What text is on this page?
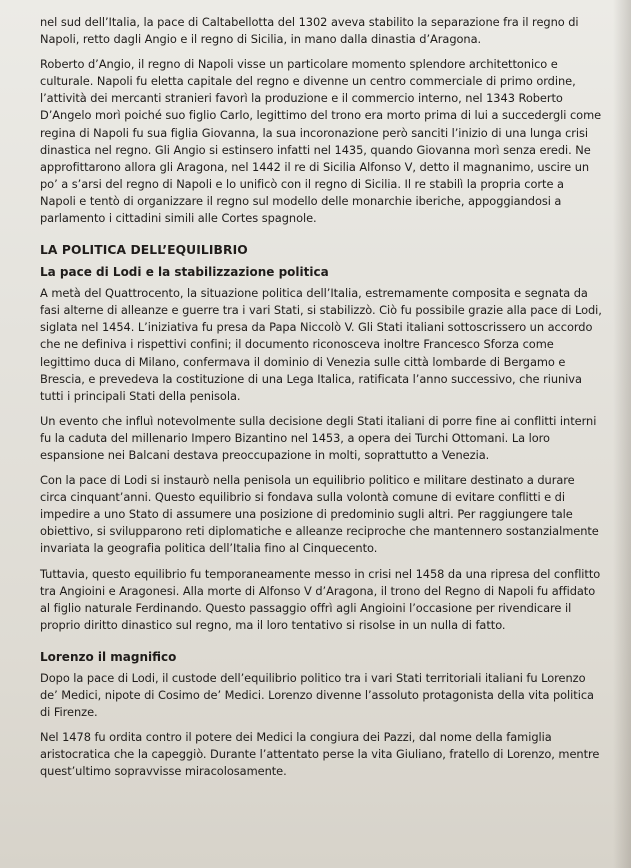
nel sud dell’Italia, la pace di Caltabellotta del 1302 aveva stabilito la separazione fra il regno di Napoli, retto dagli Angio e il regno di Sicilia, in mano dalla dinastia d’Aragona.

Roberto d’Angio, il regno di Napoli visse un particolare momento splendore architettonico e culturale. Napoli fu eletta capitale del regno e divenne un centro commerciale di primo ordine, l’attività dei mercanti stranieri favorì la produzione e il commercio interno, nel 1343 Roberto D’Angelo morì poiché suo figlio Carlo, legittimo del trono era morto prima di lui a succedergli come regina di Napoli fu sua figlia Giovanna, la sua incoronazione però sanciti l’inizio di una lunga crisi dinastica nel regno. Gli Angio si estinsero infatti nel 1435, quando Giovanna morì senza eredi. Ne approfittarono allora gli Aragona, nel 1442 il re di Sicilia Alfonso V, detto il magnanimo, uscire un po’ a s’arsi del regno di Napoli e lo unificò con il regno di Sicilia. Il re stabilì la propria corte a Napoli e tentò di organizzare il regno sul modello delle monarchie iberiche, appoggiandosi a parlamento i cittadini simili alle Cortes spagnole.

LA POLITICA DELL’EQUILIBRIO
La pace di Lodi e la stabilizzazione politica

A metà del Quattrocento, la situazione politica dell’Italia, estremamente composita e segnata da fasi alterne di alleanze e guerre tra i vari Stati, si stabilizzò. Ciò fu possibile grazie alla pace di Lodi, siglata nel 1454. L’iniziativa fu presa da Papa Niccolò V. Gli Stati italiani sottoscrissero un accordo che ne definiva i rispettivi confini; il documento riconosceva inoltre Francesco Sforza come legittimo duca di Milano, confermava il dominio di Venezia sulle città lombarde di Bergamo e Brescia, e prevedeva la costituzione di una Lega Italica, ratificata l’anno successivo, che riuniva tutti i principali Stati della penisola.

Un evento che influì notevolmente sulla decisione degli Stati italiani di porre fine ai conflitti interni fu la caduta del millenario Impero Bizantino nel 1453, a opera dei Turchi Ottomani. La loro espansione nei Balcani destava preoccupazione in molti, soprattutto a Venezia.

Con la pace di Lodi si instaurò nella penisola un equilibrio politico e militare destinato a durare circa cinquant’anni. Questo equilibrio si fondava sulla volontà comune di evitare conflitti e di impedire a uno Stato di assumere una posizione di predominio sugli altri. Per raggiungere tale obiettivo, si svilupparono reti diplomatiche e alleanze reciproche che mantennero sostanzialmente invariata la geografia politica dell’Italia fino al Cinquecento.

Tuttavia, questo equilibrio fu temporaneamente messo in crisi nel 1458 da una ripresa del conflitto tra Angioini e Aragonesi. Alla morte di Alfonso V d’Aragona, il trono del Regno di Napoli fu affidato al figlio naturale Ferdinando. Questo passaggio offrì agli Angioini l’occasione per rivendicare il proprio diritto dinastico sul regno, ma il loro tentativo si risolse in un nulla di fatto.

Lorenzo il magnifico

Dopo la pace di Lodi, il custode dell’equilibrio politico tra i vari Stati territoriali italiani fu Lorenzo de’ Medici, nipote di Cosimo de’ Medici. Lorenzo divenne l’assoluto protagonista della vita politica di Firenze.

Nel 1478 fu ordita contro il potere dei Medici la congiura dei Pazzi, dal nome della famiglia aristocratica che la capeggiò. Durante l’attentato perse la vita Giuliano, fratello di Lorenzo, mentre quest’ultimo sopravvisse miracolosamente.
